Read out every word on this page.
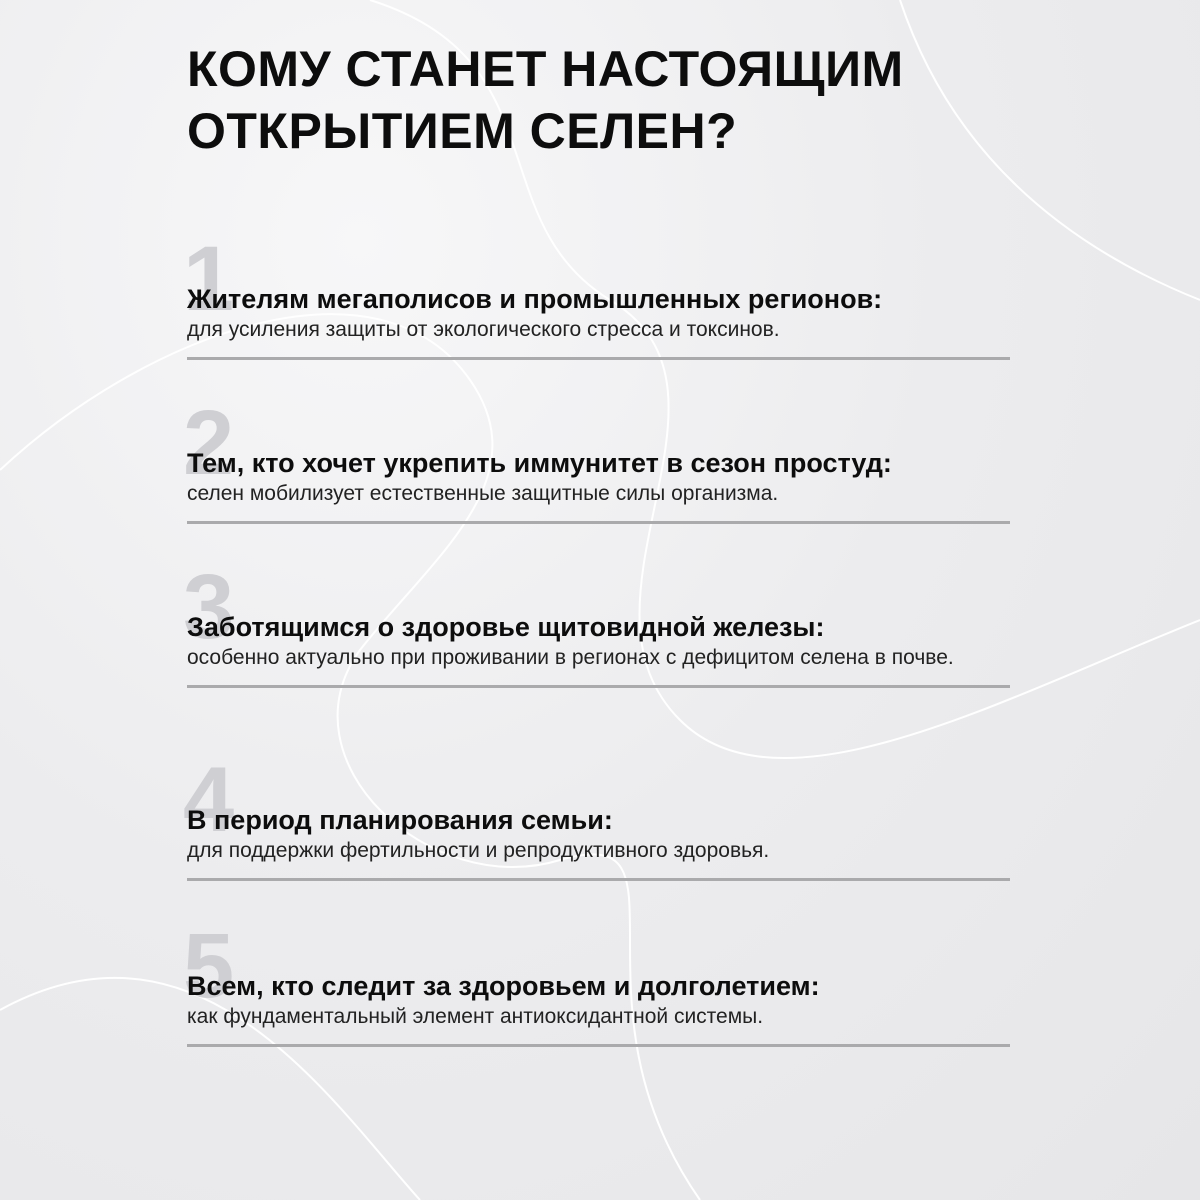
КОМУ СТАНЕТ НАСТОЯЩИМ
ОТКРЫТИЕМ СЕЛЕН?
1
Жителям мегаполисов и промышленных регионов:
для усиления защиты от экологического стресса и токсинов.
2
Тем, кто хочет укрепить иммунитет в сезон простуд:
селен мобилизует естественные защитные силы организма.
3
Заботящимся о здоровье щитовидной железы:
особенно актуально при проживании в регионах с дефицитом селена в почве.
4
В период планирования семьи:
для поддержки фертильности и репродуктивного здоровья.
5
Всем, кто следит за здоровьем и долголетием:
как фундаментальный элемент антиоксидантной системы.
